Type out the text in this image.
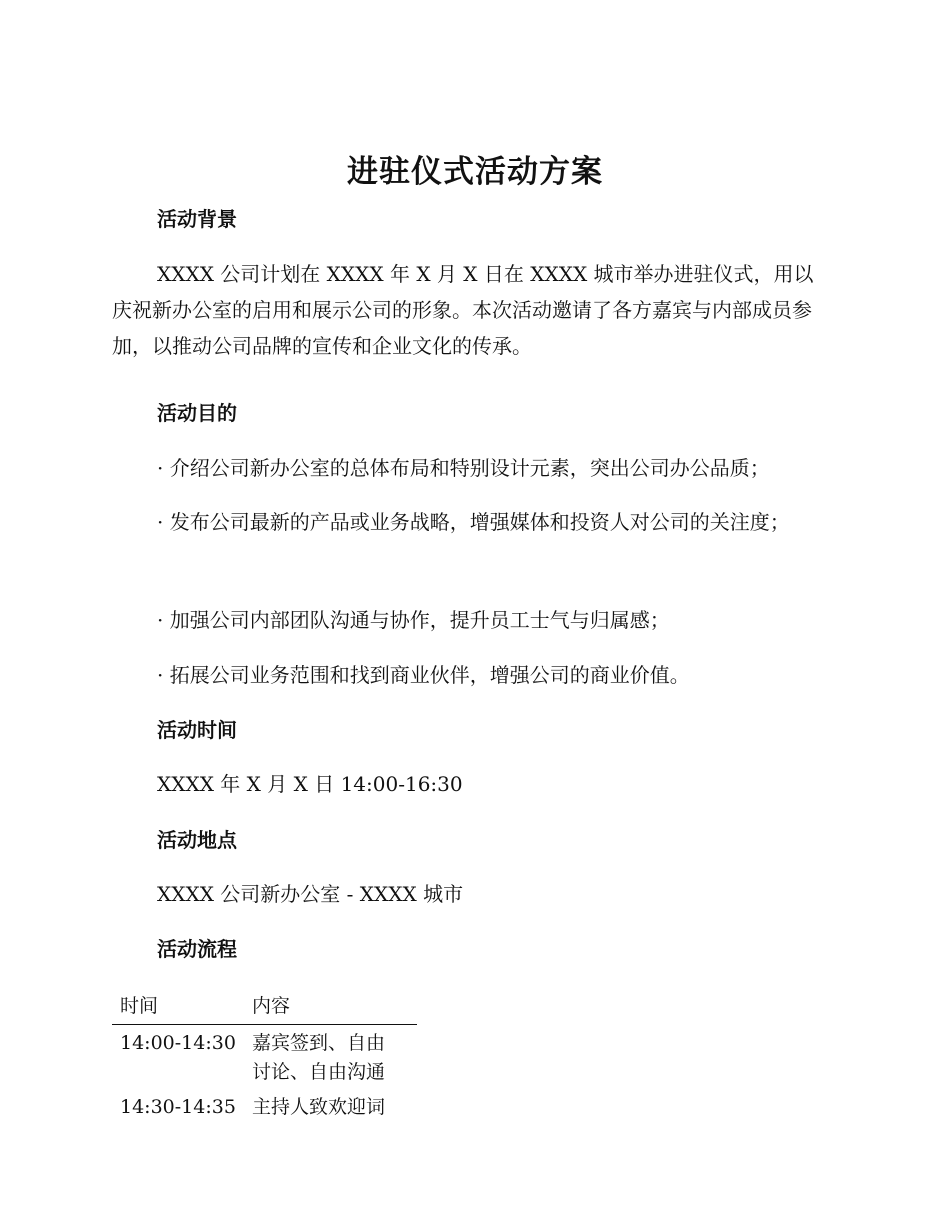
进驻仪式活动方案

活动背景

XXXX 公司计划在 XXXX 年 X 月 X 日在 XXXX 城市举办进驻仪式，用以庆祝新办公室的启用和展示公司的形象。本次活动邀请了各方嘉宾与内部成员参加，以推动公司品牌的宣传和企业文化的传承。

活动目的

· 介绍公司新办公室的总体布局和特别设计元素，突出公司办公品质；

· 发布公司最新的产品或业务战略，增强媒体和投资人对公司的关注度；

· 加强公司内部团队沟通与协作，提升员工士气与归属感；

· 拓展公司业务范围和找到商业伙伴，增强公司的商业价值。

活动时间

XXXX 年 X 月 X 日 14:00-16:30

活动地点

XXXX 公司新办公室 - XXXX 城市

活动流程

时间	内容
14:00-14:30	嘉宾签到、自由
讨论、自由沟通

14:30-14:35	主持人致欢迎词
